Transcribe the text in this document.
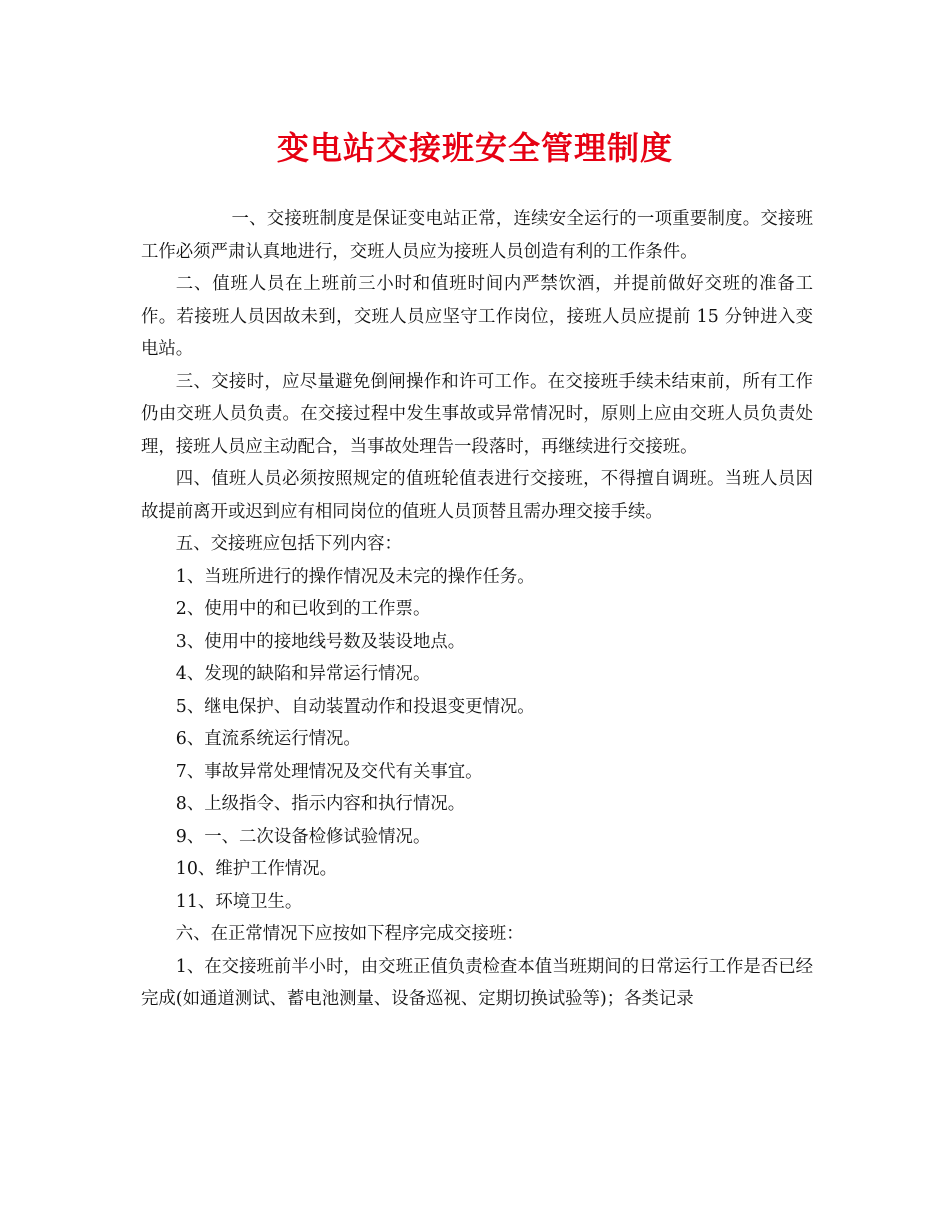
变电站交接班安全管理制度

一、交接班制度是保证变电站正常，连续安全运行的一项重要制度。交接班工作必须严肃认真地进行，交班人员应为接班人员创造有利的工作条件。

二、值班人员在上班前三小时和值班时间内严禁饮酒，并提前做好交班的准备工作。若接班人员因故未到，交班人员应坚守工作岗位，接班人员应提前 15 分钟进入变电站。

三、交接时，应尽量避免倒闸操作和许可工作。在交接班手续未结束前，所有工作仍由交班人员负责。在交接过程中发生事故或异常情况时，原则上应由交班人员负责处理，接班人员应主动配合，当事故处理告一段落时，再继续进行交接班。

四、值班人员必须按照规定的值班轮值表进行交接班，不得擅自调班。当班人员因故提前离开或迟到应有相同岗位的值班人员顶替且需办理交接手续。

五、交接班应包括下列内容：

1、当班所进行的操作情况及未完的操作任务。

2、使用中的和已收到的工作票。

3、使用中的接地线号数及装设地点。

4、发现的缺陷和异常运行情况。

5、继电保护、自动装置动作和投退变更情况。

6、直流系统运行情况。

7、事故异常处理情况及交代有关事宜。

8、上级指令、指示内容和执行情况。

9、一、二次设备检修试验情况。

10、维护工作情况。

11、环境卫生。

六、在正常情况下应按如下程序完成交接班：

1、在交接班前半小时，由交班正值负责检查本值当班期间的日常运行工作是否已经完成(如通道测试、蓄电池测量、设备巡视、定期切换试验等)；各类记录
